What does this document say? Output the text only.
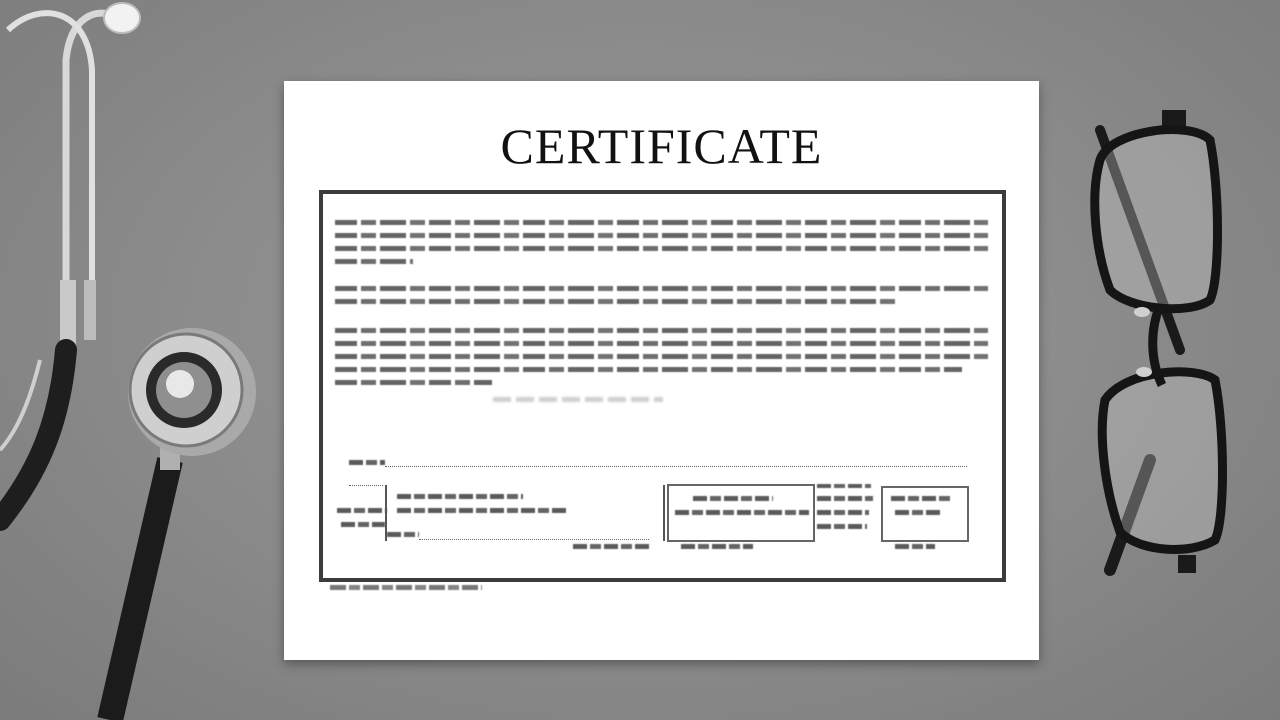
CERTIFICATE
